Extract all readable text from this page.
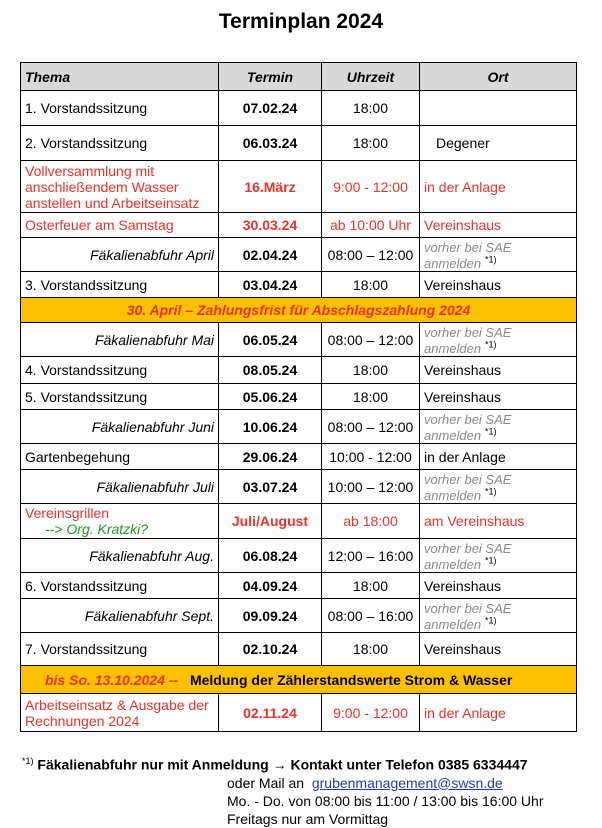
Terminplan 2024
Thema	Termin	Uhrzeit	Ort
1. Vorstandssitzung	07.02.24	18:00	
2. Vorstandssitzung	06.03.24	18:00	Degener
Vollversammlung mit anschließendem Wasser anstellen und Arbeitseinsatz	16.März	9:00 - 12:00	in der Anlage
Osterfeuer am Samstag	30.03.24	ab 10:00 Uhr	Vereinshaus
Fäkalienabfuhr April	02.04.24	08:00 – 12:00	vorher bei SAE anmelden $^{*1)}$
3. Vorstandssitzung	03.04.24	18:00	Vereinshaus
30. April – Zahlungsfrist für Abschlagszahlung 2024			
Fäkalienabfuhr Mai	06.05.24	08:00 – 12:00	vorher bei SAE anmelden $^{*1)}$
4. Vorstandssitzung	08.05.24	18:00	Vereinshaus
5. Vorstandssitzung	05.06.24	18:00	Vereinshaus
Fäkalienabfuhr Juni	10.06.24	08:00 – 12:00	vorher bei SAE anmelden $^{*1)}$
Gartenbegehung	29.06.24	10:00 - 12:00	in der Anlage
Fäkalienabfuhr Juli	03.07.24	10:00 – 12:00	vorher bei SAE anmelden $^{*1)}$

Vereinsgrillen
--> Org. Kratzki?	Juli/August	ab 18:00	am Vereinshaus
Fäkalienabfuhr Aug.	06.08.24	12:00 – 16:00	vorher bei SAE anmelden $^{*1)}$
6. Vorstandssitzung	04.09.24	18:00	Vereinshaus
Fäkalienabfuhr Sept.	09.09.24	08:00 – 16:00	vorher bei SAE anmelden $^{*1)}$
7. Vorstandssitzung	02.10.24	18:00	Vereinshaus
bis So. 13.10.2024 -- Meldung der Zählerstandswerte Strom & Wasser			
Arbeitseinsatz & Ausgabe der Rechnungen 2024	02.11.24	9:00 - 12:00	in der Anlage
$^{*1)}$ Fäkalienabfuhr nur mit Anmeldung → Kontakt unter Telefon 0385 6334447
oder Mail an grubenmanagement@swsn.de
Mo. - Do. von 08:00 bis 11:00 / 13:00 bis 16:00 Uhr
Freitags nur am Vormittag
